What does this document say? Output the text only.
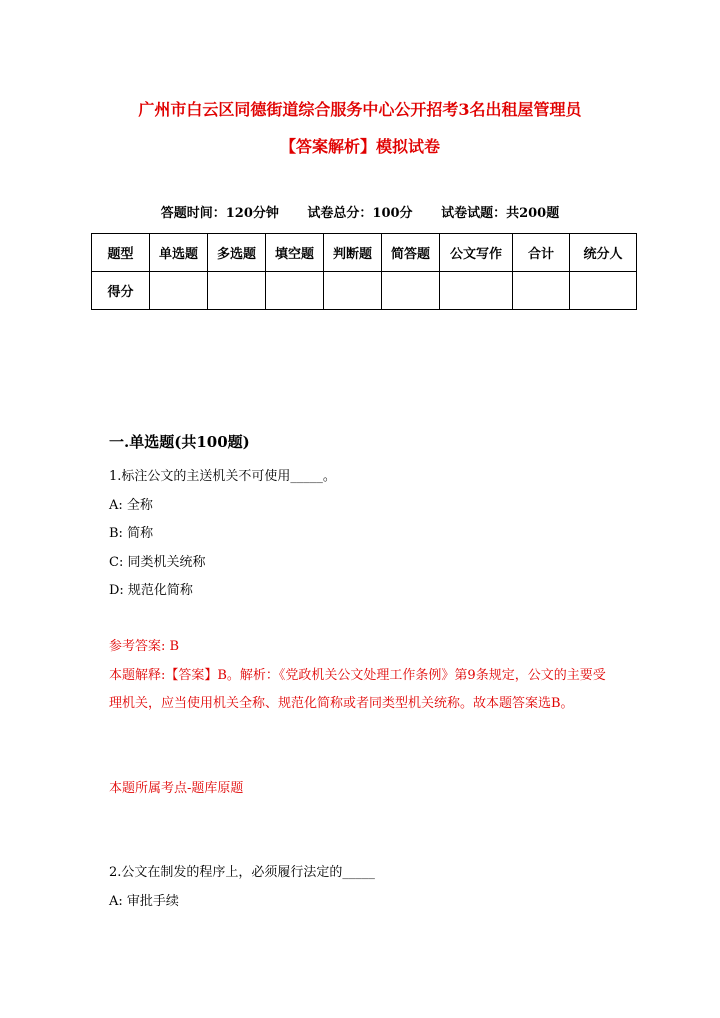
广州市白云区同德街道综合服务中心公开招考3名出租屋管理员
【答案解析】模拟试卷
答题时间：120分钟 试卷总分：100分 试卷试题：共200题
题型	单选题	多选题	填空题	判断题	简答题	公文写作	合计	统分人
得分								
一.单选题(共100题)
1.标注公文的主送机关不可使用_____。
A: 全称
B: 简称
C: 同类机关统称
D: 规范化简称
参考答案: B
本题解释:【答案】B。解析：《党政机关公文处理工作条例》第9条规定，公文的主要受理机关，应当使用机关全称、规范化简称或者同类型机关统称。故本题答案选B。
本题所属考点-题库原题
2.公文在制发的程序上，必须履行法定的_____
A: 审批手续
